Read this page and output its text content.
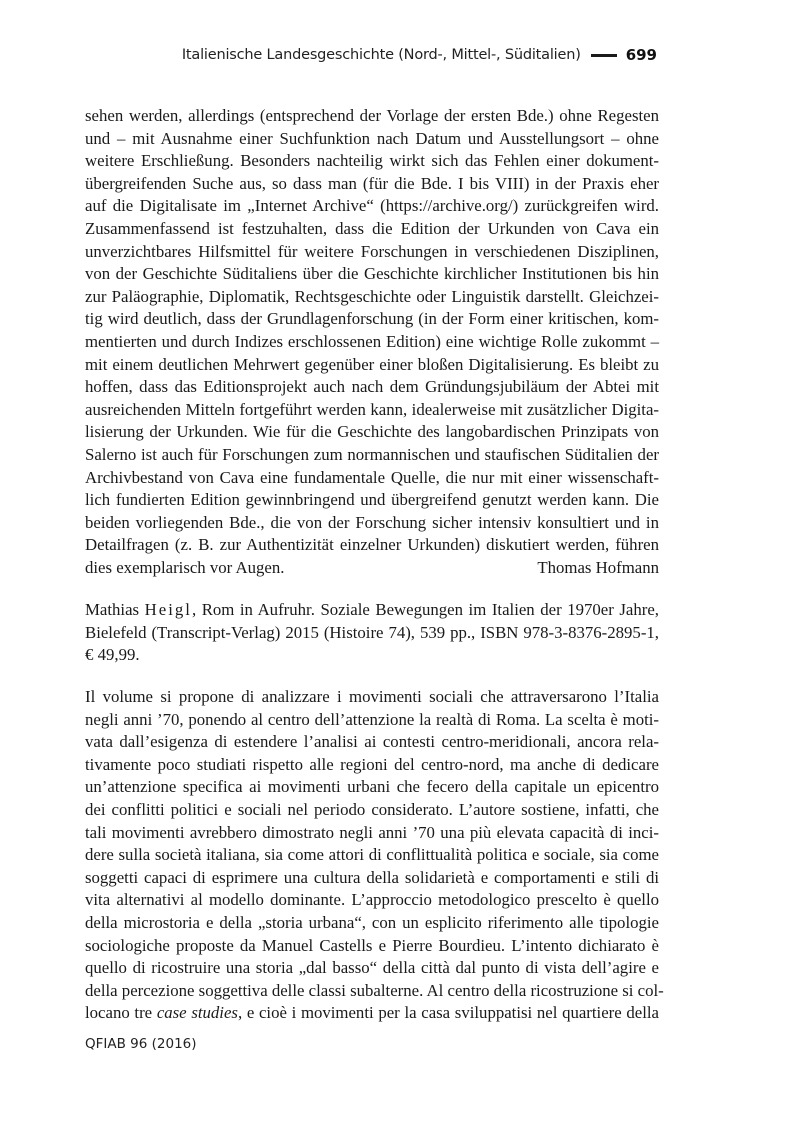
Italienische Landesgeschichte (Nord-, Mittel-, Süditalien)	699
sehen werden, allerdings (entsprechend der Vorlage der ersten Bde.) ohne Regesten
und – mit Ausnahme einer Suchfunktion nach Datum und Ausstellungsort – ohne
weitere Erschließung. Besonders nachteilig wirkt sich das Fehlen einer dokument-
übergreifenden Suche aus, so dass man (für die Bde. I bis VIII) in der Praxis eher
auf die Digitalisate im „Internet Archive“ (https://archive.org/) zurückgreifen wird.
Zusammenfassend ist festzuhalten, dass die Edition der Urkunden von Cava ein
unverzichtbares Hilfsmittel für weitere Forschungen in verschiedenen Disziplinen,
von der Geschichte Süditaliens über die Geschichte kirchlicher Institutionen bis hin
zur Paläographie, Diplomatik, Rechtsgeschichte oder Linguistik darstellt. Gleichzei-
tig wird deutlich, dass der Grundlagenforschung (in der Form einer kritischen, kom-
mentierten und durch Indizes erschlossenen Edition) eine wichtige Rolle zukommt –
mit einem deutlichen Mehrwert gegenüber einer bloßen Digitalisierung. Es bleibt zu
hoffen, dass das Editionsprojekt auch nach dem Gründungsjubiläum der Abtei mit
ausreichenden Mitteln fortgeführt werden kann, idealerweise mit zusätzlicher Digita-
lisierung der Urkunden. Wie für die Geschichte des langobardischen Prinzipats von
Salerno ist auch für Forschungen zum normannischen und staufischen Süditalien der
Archivbestand von Cava eine fundamentale Quelle, die nur mit einer wissenschaft-
lich fundierten Edition gewinnbringend und übergreifend genutzt werden kann. Die
beiden vorliegenden Bde., die von der Forschung sicher intensiv konsultiert und in
Detailfragen (z. B. zur Authentizität einzelner Urkunden) diskutiert werden, führen
dies exemplarisch vor Augen.	Thomas Hofmann
Mathias Heigl, Rom in Aufruhr. Soziale Bewegungen im Italien der 1970er Jahre,
Bielefeld (Transcript-Verlag) 2015 (Histoire 74), 539 pp., ISBN 978-3-8376-2895-1,
€ 49,99.
Il volume si propone di analizzare i movimenti sociali che attraversarono l’Italia
negli anni ’70, ponendo al centro dell’attenzione la realtà di Roma. La scelta è moti-
vata dall’esigenza di estendere l’analisi ai contesti centro-meridionali, ancora rela-
tivamente poco studiati rispetto alle regioni del centro-nord, ma anche di dedicare
un’attenzione specifica ai movimenti urbani che fecero della capitale un epicentro
dei conflitti politici e sociali nel periodo considerato. L’autore sostiene, infatti, che
tali movimenti avrebbero dimostrato negli anni ’70 una più elevata capacità di inci-
dere sulla società italiana, sia come attori di conflittualità politica e sociale, sia come
soggetti capaci di esprimere una cultura della solidarietà e comportamenti e stili di
vita alternativi al modello dominante. L’approccio metodologico prescelto è quello
della microstoria e della „storia urbana“, con un esplicito riferimento alle tipologie
sociologiche proposte da Manuel Castells e Pierre Bourdieu. L’intento dichiarato è
quello di ricostruire una storia „dal basso“ della città dal punto di vista dell’agire e
della percezione soggettiva delle classi subalterne. Al centro della ricostruzione si col-
locano tre case studies, e cioè i movimenti per la casa sviluppatisi nel quartiere della
QFIAB 96 (2016)
